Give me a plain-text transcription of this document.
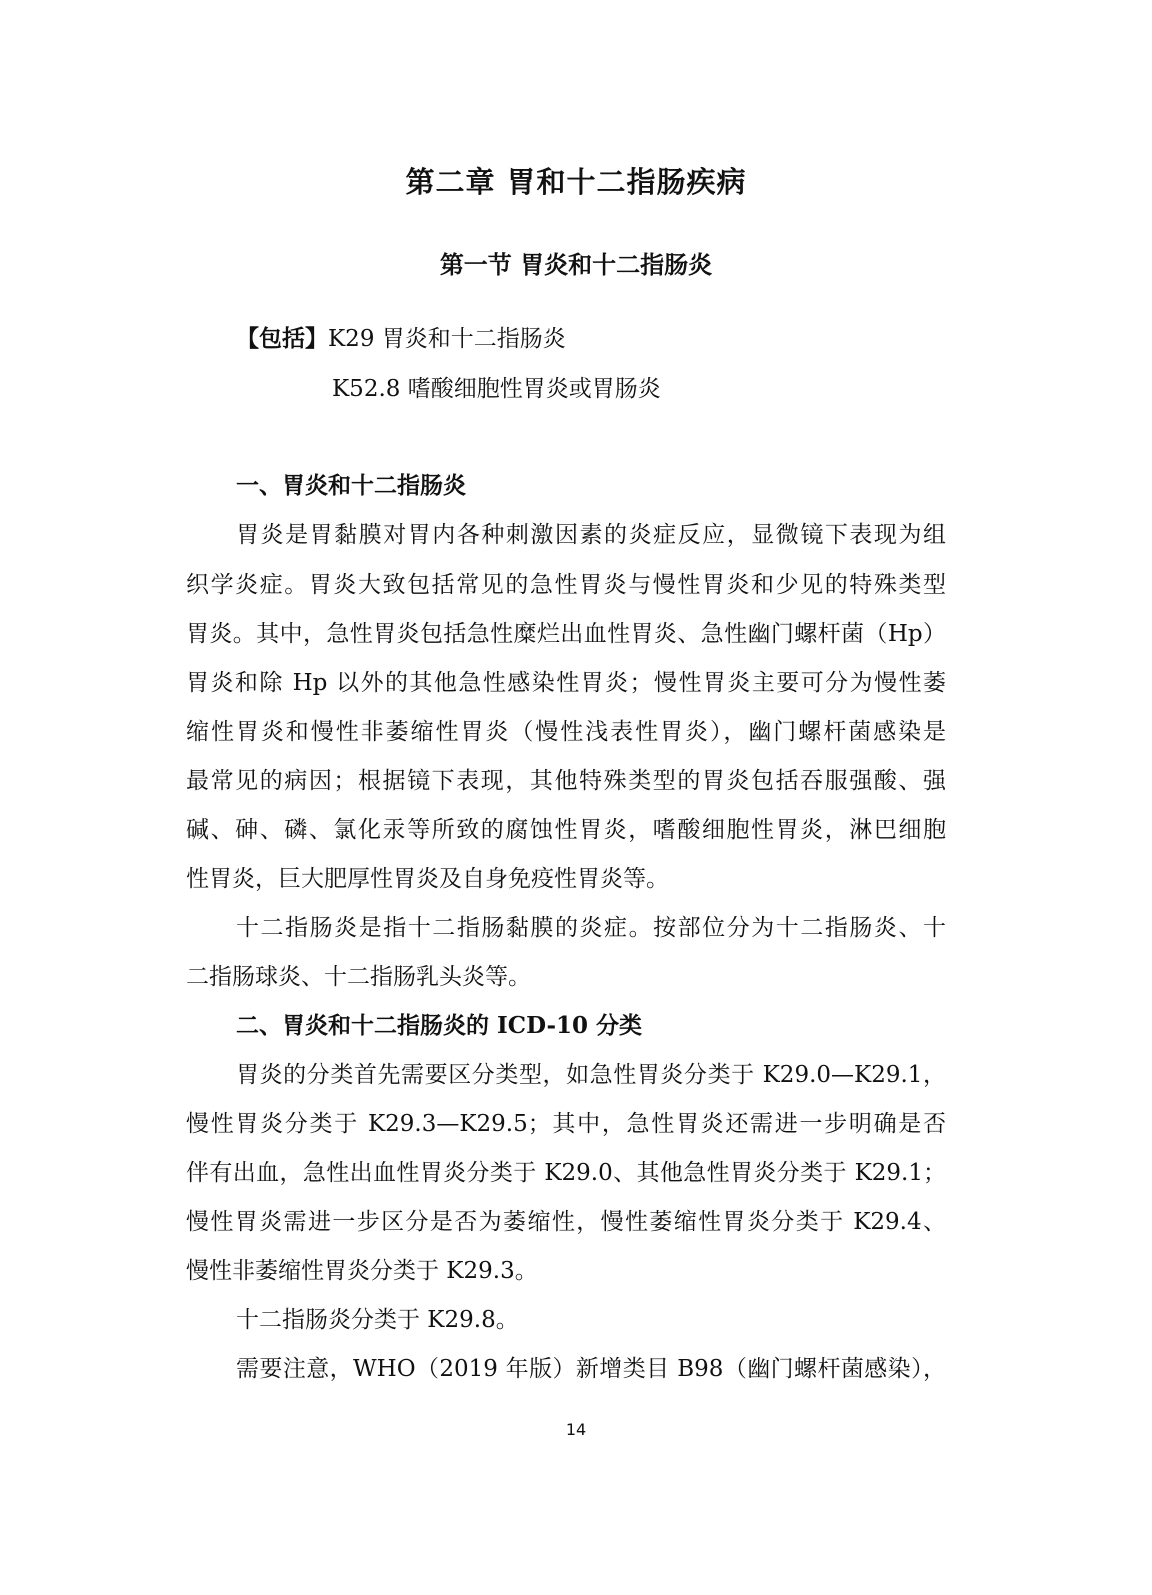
第二章 胃和十二指肠疾病
第一节 胃炎和十二指肠炎
【包括】K29 胃炎和十二指肠炎
K52.8 嗜酸细胞性胃炎或胃肠炎
一、胃炎和十二指肠炎
胃炎是胃黏膜对胃内各种刺激因素的炎症反应，显微镜下表现为组
织学炎症。胃炎大致包括常见的急性胃炎与慢性胃炎和少见的特殊类型
胃炎。其中，急性胃炎包括急性糜烂出血性胃炎、急性幽门螺杆菌（Hp）
胃炎和除 Hp 以外的其他急性感染性胃炎；慢性胃炎主要可分为慢性萎
缩性胃炎和慢性非萎缩性胃炎（慢性浅表性胃炎），幽门螺杆菌感染是
最常见的病因；根据镜下表现，其他特殊类型的胃炎包括吞服强酸、强
碱、砷、磷、氯化汞等所致的腐蚀性胃炎，嗜酸细胞性胃炎，淋巴细胞
性胃炎，巨大肥厚性胃炎及自身免疫性胃炎等。
十二指肠炎是指十二指肠黏膜的炎症。按部位分为十二指肠炎、十
二指肠球炎、十二指肠乳头炎等。
二、胃炎和十二指肠炎的 ICD-10 分类
胃炎的分类首先需要区分类型，如急性胃炎分类于 K29.0—K29.1，
慢性胃炎分类于 K29.3—K29.5；其中，急性胃炎还需进一步明确是否
伴有出血，急性出血性胃炎分类于 K29.0、其他急性胃炎分类于 K29.1；
慢性胃炎需进一步区分是否为萎缩性，慢性萎缩性胃炎分类于 K29.4、
慢性非萎缩性胃炎分类于 K29.3。
十二指肠炎分类于 K29.8。
需要注意，WHO（2019 年版）新增类目 B98（幽门螺杆菌感染），
14
